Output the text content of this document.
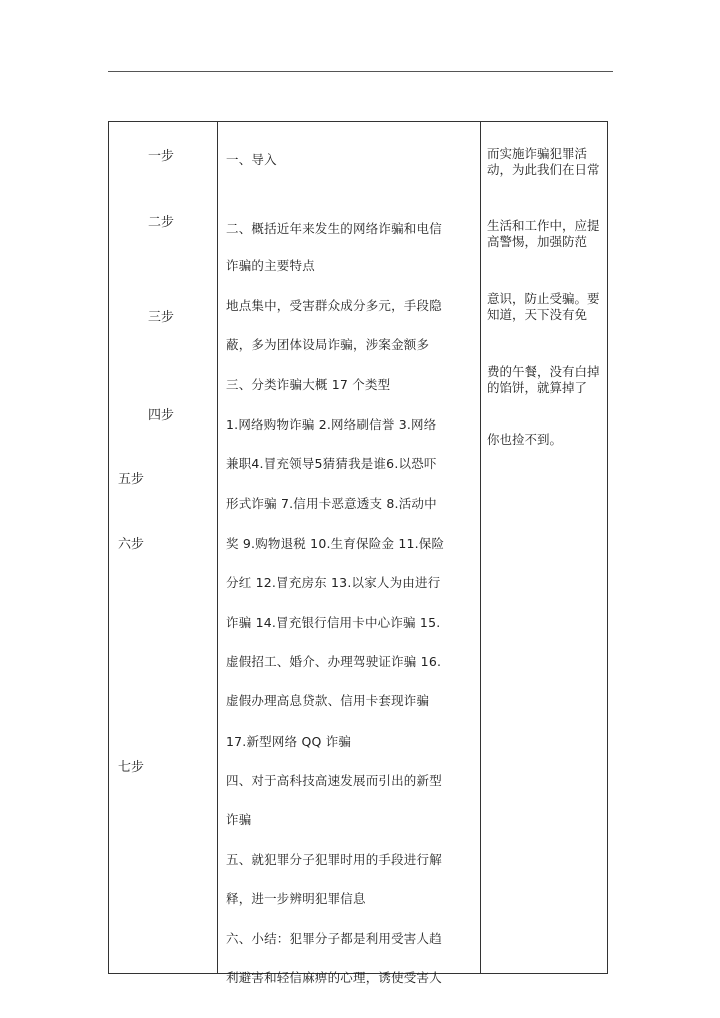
一步
二步
三步
四步
五步
六步
七步
一、导入
二、概括近年来发生的网络诈骗和电信
诈骗的主要特点
地点集中，受害群众成分多元，手段隐
蔽，多为团体设局诈骗，涉案金额多
三、分类诈骗大概 17 个类型
1.网络购物诈骗 2.网络刷信誉 3.网络
兼职4.冒充领导5猜猜我是谁6.以恐吓
形式诈骗 7.信用卡恶意透支 8.活动中
奖 9.购物退税 10.生育保险金 11.保险
分红 12.冒充房东 13.以家人为由进行
诈骗 14.冒充银行信用卡中心诈骗 15.
虚假招工、婚介、办理驾驶证诈骗 16.
虚假办理高息贷款、信用卡套现诈骗
17.新型网络 QQ 诈骗
四、对于高科技高速发展而引出的新型
诈骗
五、就犯罪分子犯罪时用的手段进行解
释，进一步辨明犯罪信息
六、小结：犯罪分子都是利用受害人趋
利避害和轻信麻痹的心理，诱使受害人
而实施诈骗犯罪活动，为此我们在日常
生活和工作中，应提高警惕，加强防范
意识，防止受骗。要知道，天下没有免
费的午餐，没有白掉的馅饼，就算掉了
你也捡不到。
